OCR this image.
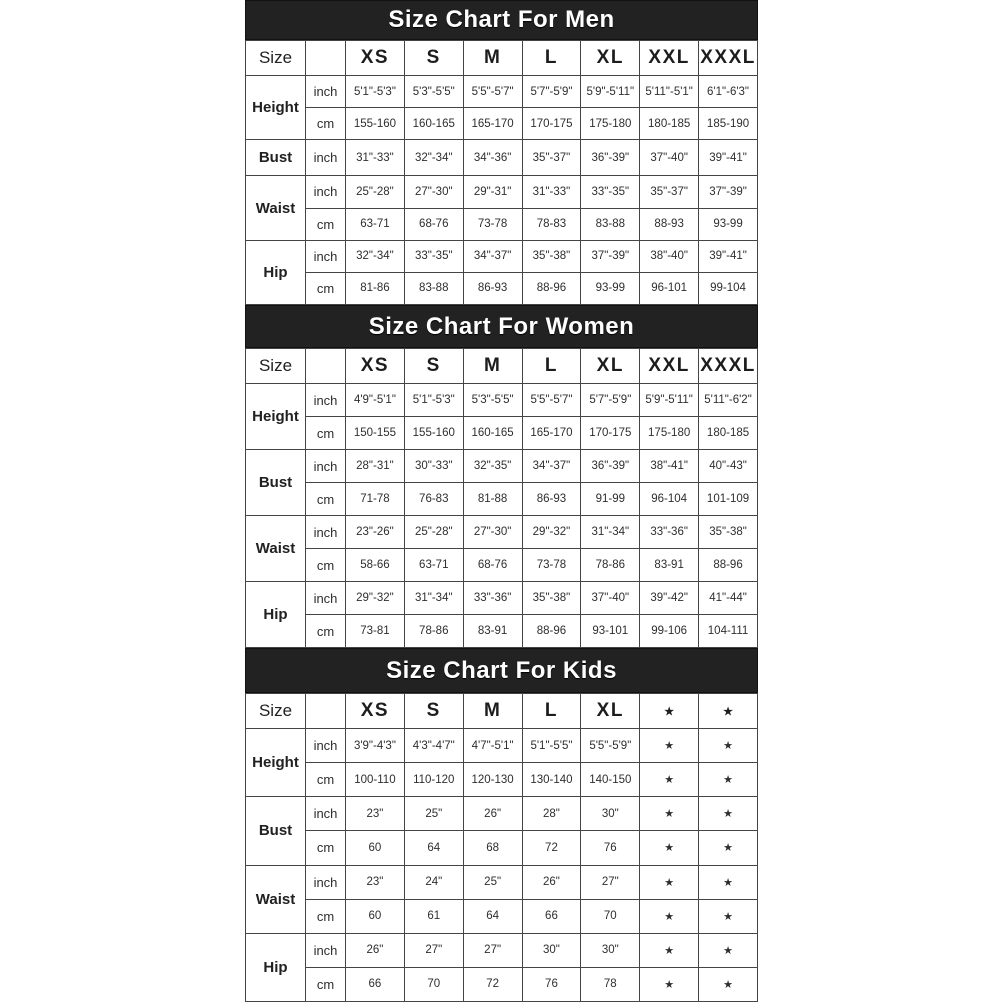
Size Chart For Men
Size		XS	S	M	L	XL	XXL	XXXL
Height	inch	5'1"-5'3"	5'3"-5'5"	5'5"-5'7"	5'7"-5'9"	5'9"-5'11"	5'11"-5'1"	6'1"-6'3"
	cm	155-160	160-165	165-170	170-175	175-180	180-185	185-190
Bust	inch	31"-33"	32"-34"	34"-36"	35"-37"	36"-39"	37"-40"	39"-41"
Waist	inch	25"-28"	27"-30"	29"-31"	31"-33"	33"-35"	35"-37"	37"-39"
	cm	63-71	68-76	73-78	78-83	83-88	88-93	93-99
Hip	inch	32"-34"	33"-35"	34"-37"	35"-38"	37"-39"	38"-40"	39"-41"
	cm	81-86	83-88	86-93	88-96	93-99	96-101	99-104
Size Chart For Women
Size		XS	S	M	L	XL	XXL	XXXL
Height	inch	4'9"-5'1"	5'1"-5'3"	5'3"-5'5"	5'5"-5'7"	5'7"-5'9"	5'9"-5'11"	5'11"-6'2"
	cm	150-155	155-160	160-165	165-170	170-175	175-180	180-185
Bust	inch	28"-31"	30"-33"	32"-35"	34"-37"	36"-39"	38"-41"	40"-43"
	cm	71-78	76-83	81-88	86-93	91-99	96-104	101-109
Waist	inch	23"-26"	25"-28"	27"-30"	29"-32"	31"-34"	33"-36"	35"-38"
	cm	58-66	63-71	68-76	73-78	78-86	83-91	88-96
Hip	inch	29"-32"	31"-34"	33"-36"	35"-38"	37"-40"	39"-42"	41"-44"
	cm	73-81	78-86	83-91	88-96	93-101	99-106	104-111
Size Chart For Kids
Size		XS	S	M	L	XL	★	★
Height	inch	3'9"-4'3"	4'3"-4'7"	4'7"-5'1"	5'1"-5'5"	5'5"-5'9"	★	★
	cm	100-110	110-120	120-130	130-140	140-150	★	★
Bust	inch	23"	25"	26"	28"	30"	★	★
	cm	60	64	68	72	76	★	★
Waist	inch	23"	24"	25"	26"	27"	★	★
	cm	60	61	64	66	70	★	★
Hip	inch	26"	27"	27"	30"	30"	★	★
	cm	66	70	72	76	78	★	★
